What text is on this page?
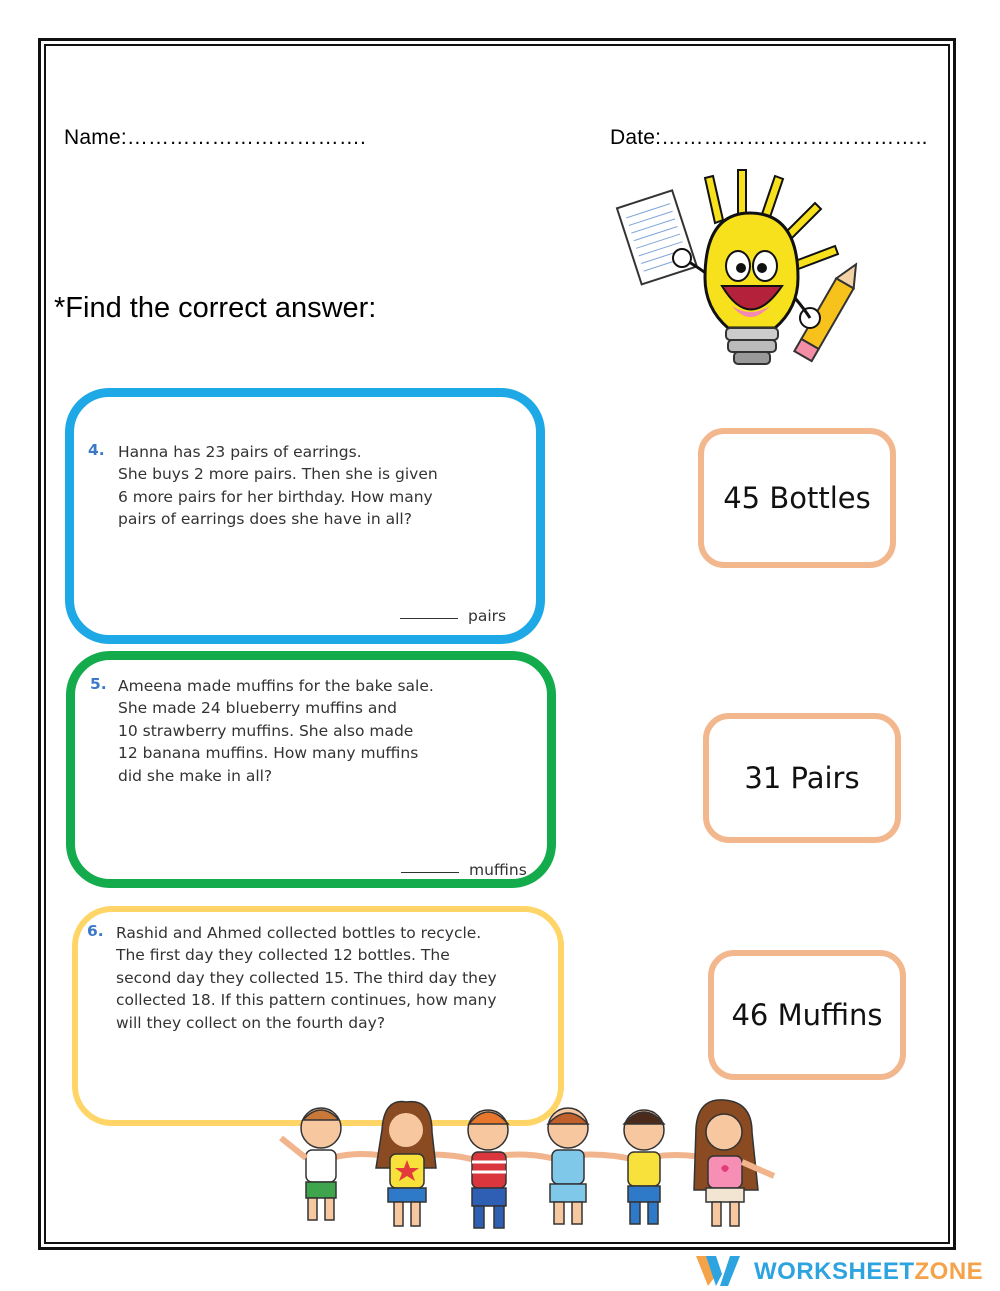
Name:…………………………….	Date:………………………………..
*Find the correct answer:
4. Hanna has 23 pairs of earrings.
She buys 2 more pairs. Then she is given
6 more pairs for her birthday. How many
pairs of earrings does she have in all?
pairs
5. Ameena made muffins for the bake sale.
She made 24 blueberry muffins and
10 strawberry muffins. She also made
12 banana muffins. How many muffins
did she make in all?
muffins
6. Rashid and Ahmed collected bottles to recycle.
The first day they collected 12 bottles. The
second day they collected 15. The third day they
collected 18. If this pattern continues, how many
will they collect on the fourth day?
45 Bottles
31 Pairs
46 Muffins
WORKSHEETZONE
